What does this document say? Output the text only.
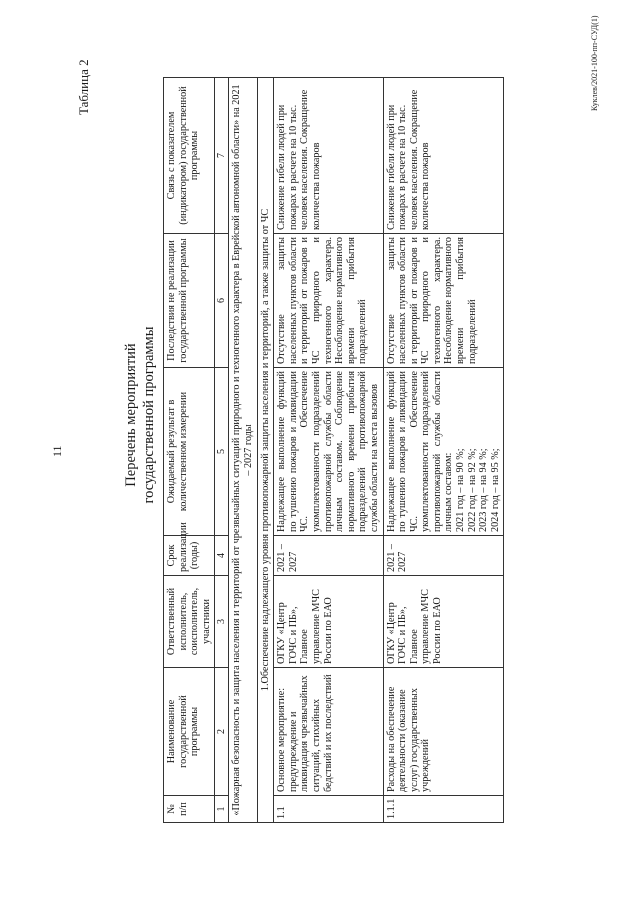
11
Таблица 2
Перечень мероприятий государственной программы
№ п/п	Наименование государственной программы	Ответственный исполнитель, соисполнитель, участники	Срок реализации (годы)	Ожидаемый результат в количественном измерении	Последствия не реализации государственной программы	Связь с показателем (индикатором) государственной программы
1	2	3	4	5	6	7
«Пожарная безопасность и защита населения и территорий от чрезвычайных ситуаций природного и техногенного характера в Еврейской автономной области» на 2021 – 2027 годы						
1.Обеспечение надлежащего уровня противопожарной защиты населения и территорий, а также защиты от ЧС						
1.1	Основное мероприятие: предупреждение и ликвидация чрезвычайных ситуаций, стихийных бедствий и их последствий	ОГКУ «Центр ГОЧС и ПБ», Главное управление МЧС России по ЕАО	2021 – 2027	Надлежащее выполнение функций по тушению пожаров и ликвидации ЧС. Обеспечение укомплектованности подразделений противопожарной службы области личным составом. Соблюдение нормативного времени прибытия подразделений противопожарной службы области на места вызовов	Отсутствие защиты населенных пунктов области и территорий от пожаров и ЧС природного и техногенного характера. Несоблюдение нормативного времени прибытия подразделений	Снижение гибели людей при пожарах в расчете на 10 тыс. человек населения. Сокращение количества пожаров
1.1.1	Расходы на обеспечение деятельности (оказание услуг) государственных учреждений	ОГКУ «Центр ГОЧС и ПБ», Главное управление МЧС России по ЕАО	2021 – 2027	Надлежащее выполнение функций по тушению пожаров и ликвидации ЧС. Обеспечение укомплектованности подразделений противопожарной службы области личным составом: 2021 год – на 90 %; 2022 год – на 92 %; 2023 год – на 94 %; 2024 год – на 95 %;	Отсутствие защиты населенных пунктов области и территорий от пожаров и ЧС природного и техногенного характера. Несоблюдение нормативного времени прибытия подразделений	Снижение гибели людей при пожарах в расчете на 10 тыс. человек населения. Сокращение количества пожаров
Куклев/2021-100-пп-СУД(1)
